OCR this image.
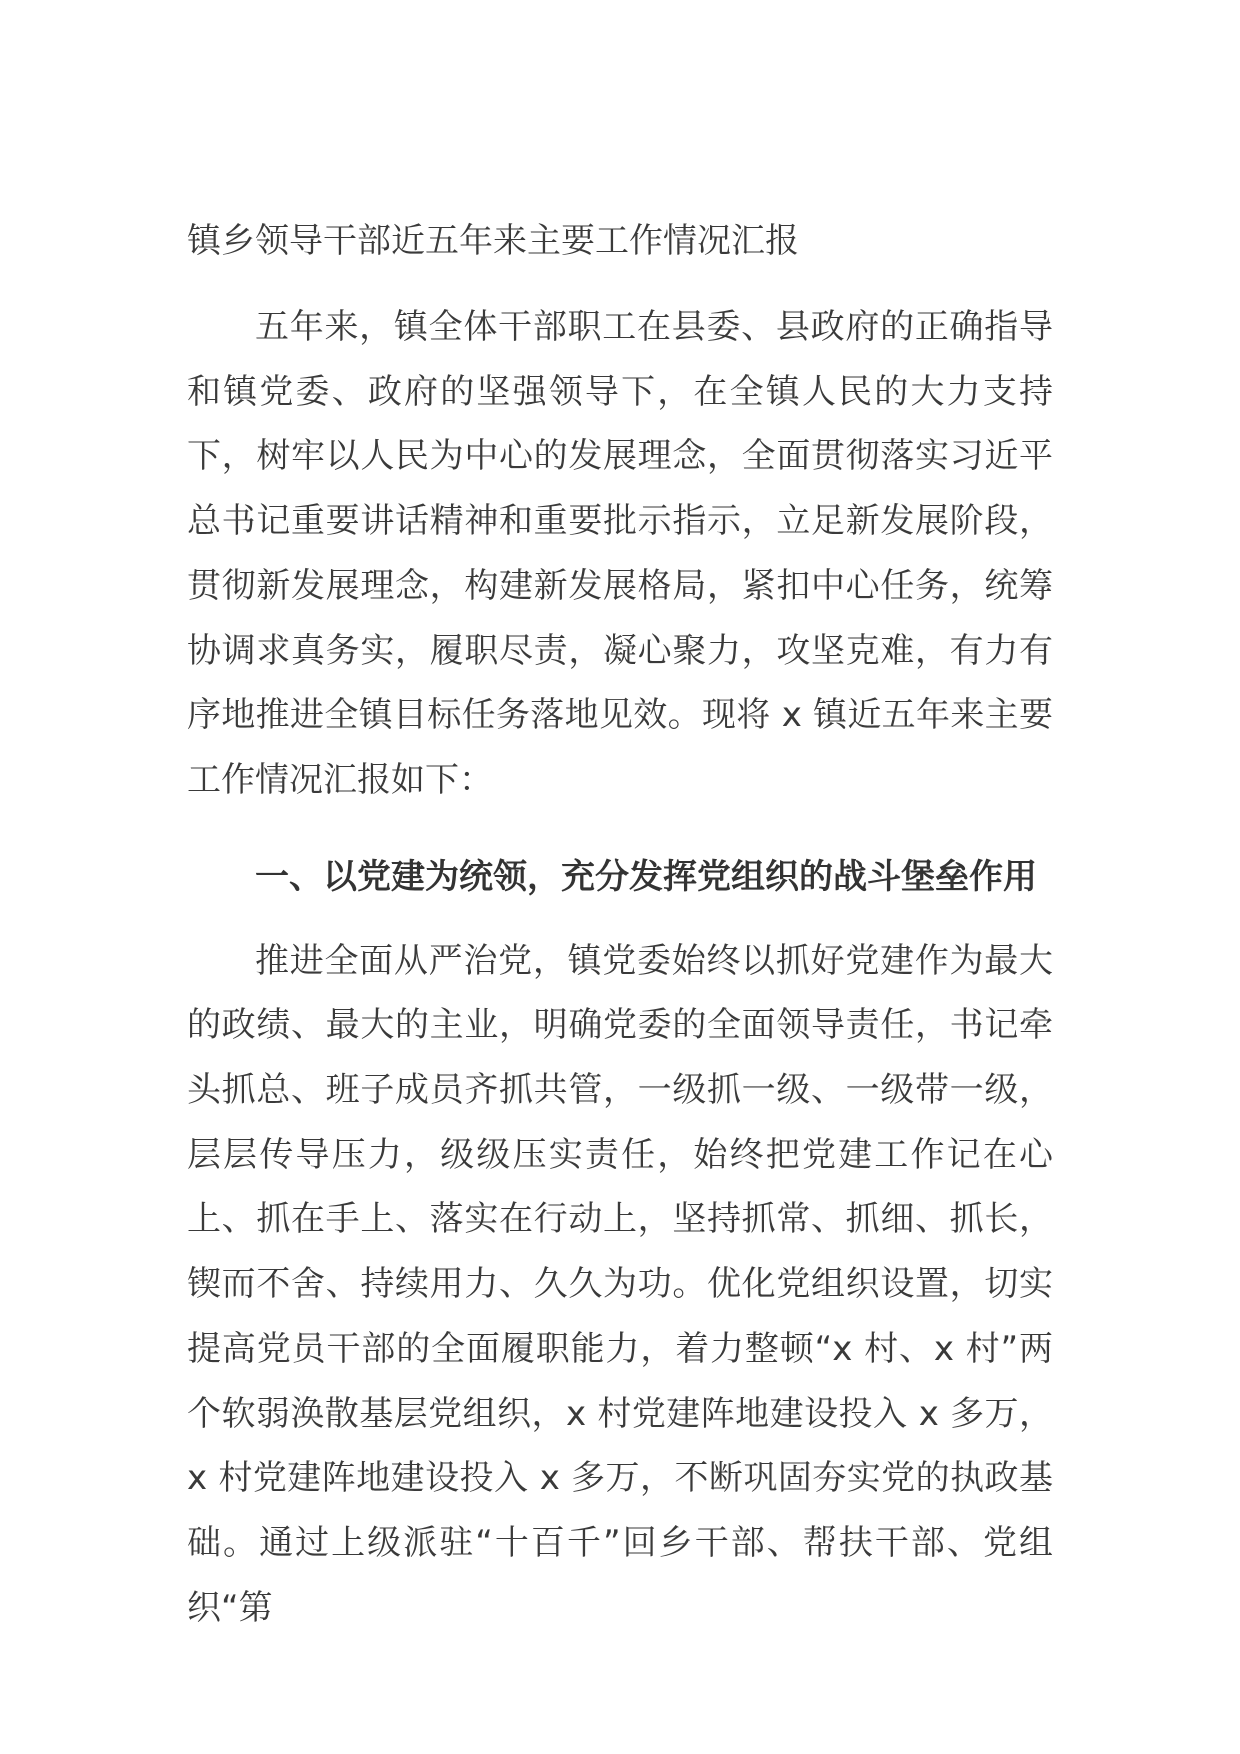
镇乡领导干部近五年来主要工作情况汇报

五年来，镇全体干部职工在县委、县政府的正确指导和镇党委、政府的坚强领导下，在全镇人民的大力支持下，树牢以人民为中心的发展理念，全面贯彻落实习近平总书记重要讲话精神和重要批示指示，立足新发展阶段，贯彻新发展理念，构建新发展格局，紧扣中心任务，统筹协调求真务实，履职尽责，凝心聚力，攻坚克难，有力有序地推进全镇目标任务落地见效。现将 x 镇近五年来主要工作情况汇报如下：

一、以党建为统领，充分发挥党组织的战斗堡垒作用

推进全面从严治党，镇党委始终以抓好党建作为最大的政绩、最大的主业，明确党委的全面领导责任，书记牵头抓总、班子成员齐抓共管，一级抓一级、一级带一级，层层传导压力，级级压实责任，始终把党建工作记在心上、抓在手上、落实在行动上，坚持抓常、抓细、抓长，锲而不舍、持续用力、久久为功。优化党组织设置，切实提高党员干部的全面履职能力，着力整顿“x 村、x 村”两个软弱涣散基层党组织，x 村党建阵地建设投入 x 多万，x 村党建阵地建设投入 x 多万，不断巩固夯实党的执政基础。通过上级派驻“十百千”回乡干部、帮扶干部、党组织“第
